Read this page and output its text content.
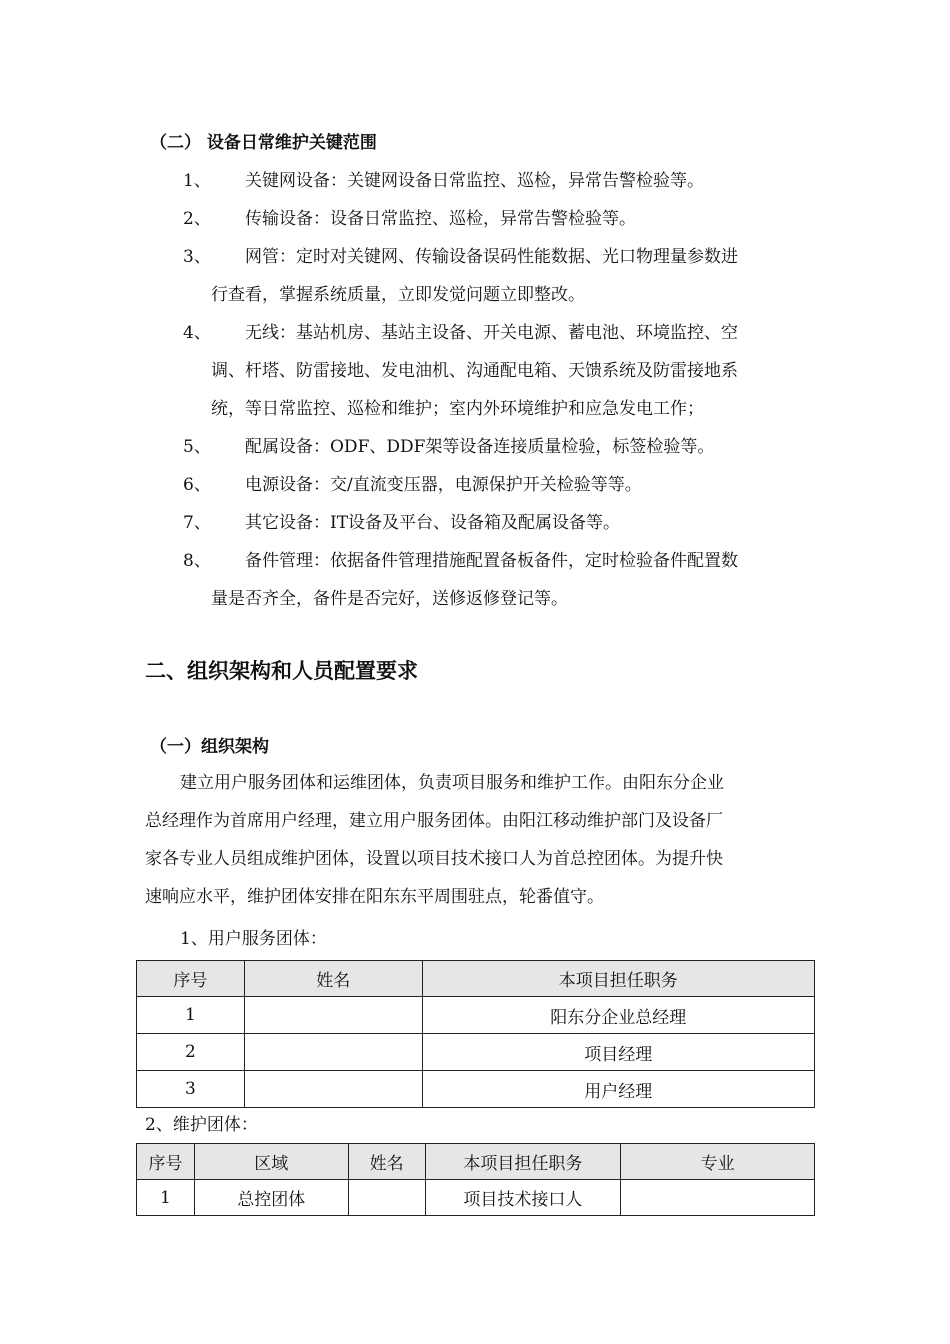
（二） 设备日常维护关键范围
1、 关键网设备：关键网设备日常监控、巡检，异常告警检验等。
2、 传输设备：设备日常监控、巡检，异常告警检验等。
3、 网管：定时对关键网、传输设备误码性能数据、光口物理量参数进
行查看，掌握系统质量，立即发觉问题立即整改。
4、 无线：基站机房、基站主设备、开关电源、蓄电池、环境监控、空
调、杆塔、防雷接地、发电油机、沟通配电箱、天馈系统及防雷接地系
统，等日常监控、巡检和维护；室内外环境维护和应急发电工作；
5、 配属设备：ODF、DDF架等设备连接质量检验，标签检验等。
6、 电源设备：交/直流变压器，电源保护开关检验等等。
7、 其它设备：IT设备及平台、设备箱及配属设备等。
8、 备件管理：依据备件管理措施配置备板备件，定时检验备件配置数
量是否齐全，备件是否完好，送修返修登记等。
二、组织架构和人员配置要求
（一）组织架构
建立用户服务团体和运维团体，负责项目服务和维护工作。由阳东分企业
总经理作为首席用户经理，建立用户服务团体。由阳江移动维护部门及设备厂
家各专业人员组成维护团体，设置以项目技术接口人为首总控团体。为提升快
速响应水平，维护团体安排在阳东东平周围驻点，轮番值守。
1、用户服务团体：
序号	姓名	本项目担任职务
1		阳东分企业总经理
2		项目经理
3		用户经理
2、维护团体：
序号	区域	姓名	本项目担任职务	专业
1	总控团体		项目技术接口人	
